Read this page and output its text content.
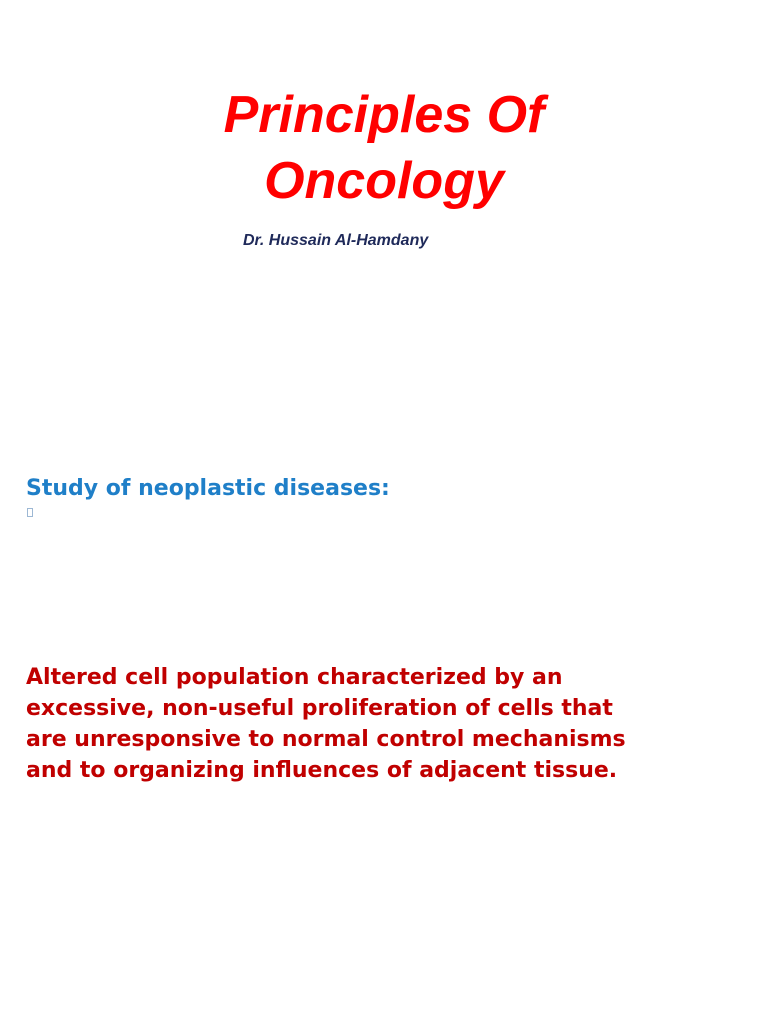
Principles Of
Oncology
Dr. Hussain Al-Hamdany
Study of neoplastic diseases:

Altered cell population characterized by an
excessive, non-useful proliferation of cells that
are unresponsive to normal control mechanisms
and to organizing influences of adjacent tissue.
